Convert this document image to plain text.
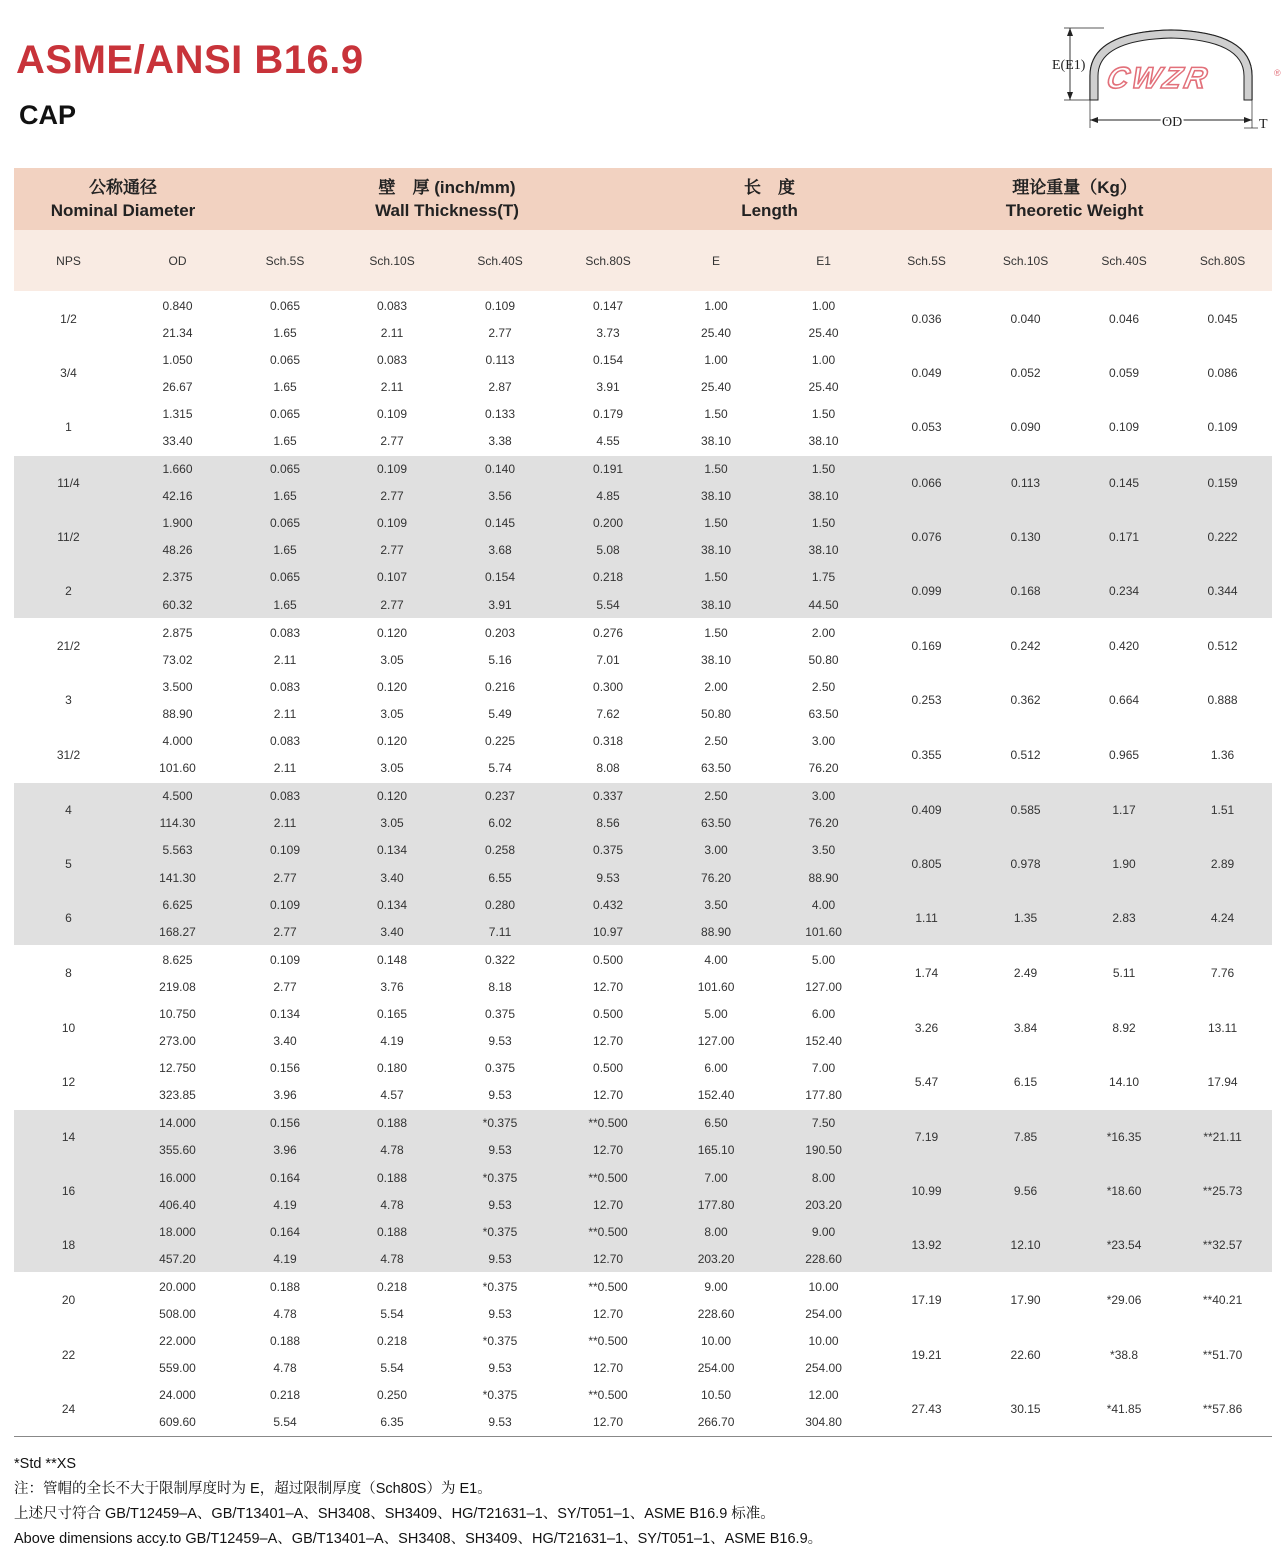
ASME/ANSI B16.9
CAP
E(E1)
OD	T
CWZR	®
公称通径
Nominal Diameter		壁　厚 (inch/mm)
Wall Thickness(T)				长　度
Length		理论重量（Kg）
Theoretic Weight			

NPS	OD	Sch.5S	Sch.10S	Sch.40S	Sch.80S	E	E1	Sch.5S	Sch.10S	Sch.40S	Sch.80S
1/2	0.840	0.065	0.083	0.109	0.147	1.00	1.00	0.036	0.040	0.046	0.045
	21.34	1.65	2.11	2.77	3.73	25.40	25.40				
3/4	1.050	0.065	0.083	0.113	0.154	1.00	1.00	0.049	0.052	0.059	0.086
	26.67	1.65	2.11	2.87	3.91	25.40	25.40				
1	1.315	0.065	0.109	0.133	0.179	1.50	1.50	0.053	0.090	0.109	0.109
	33.40	1.65	2.77	3.38	4.55	38.10	38.10				
11/4	1.660	0.065	0.109	0.140	0.191	1.50	1.50	0.066	0.113	0.145	0.159
	42.16	1.65	2.77	3.56	4.85	38.10	38.10				
11/2	1.900	0.065	0.109	0.145	0.200	1.50	1.50	0.076	0.130	0.171	0.222
	48.26	1.65	2.77	3.68	5.08	38.10	38.10				
2	2.375	0.065	0.107	0.154	0.218	1.50	1.75	0.099	0.168	0.234	0.344
	60.32	1.65	2.77	3.91	5.54	38.10	44.50				
21/2	2.875	0.083	0.120	0.203	0.276	1.50	2.00	0.169	0.242	0.420	0.512
	73.02	2.11	3.05	5.16	7.01	38.10	50.80				
3	3.500	0.083	0.120	0.216	0.300	2.00	2.50	0.253	0.362	0.664	0.888
	88.90	2.11	3.05	5.49	7.62	50.80	63.50				
31/2	4.000	0.083	0.120	0.225	0.318	2.50	3.00	0.355	0.512	0.965	1.36
	101.60	2.11	3.05	5.74	8.08	63.50	76.20				
4	4.500	0.083	0.120	0.237	0.337	2.50	3.00	0.409	0.585	1.17	1.51
	114.30	2.11	3.05	6.02	8.56	63.50	76.20				
5	5.563	0.109	0.134	0.258	0.375	3.00	3.50	0.805	0.978	1.90	2.89
	141.30	2.77	3.40	6.55	9.53	76.20	88.90				
6	6.625	0.109	0.134	0.280	0.432	3.50	4.00	1.11	1.35	2.83	4.24
	168.27	2.77	3.40	7.11	10.97	88.90	101.60				
8	8.625	0.109	0.148	0.322	0.500	4.00	5.00	1.74	2.49	5.11	7.76
	219.08	2.77	3.76	8.18	12.70	101.60	127.00				
10	10.750	0.134	0.165	0.375	0.500	5.00	6.00	3.26	3.84	8.92	13.11
	273.00	3.40	4.19	9.53	12.70	127.00	152.40				
12	12.750	0.156	0.180	0.375	0.500	6.00	7.00	5.47	6.15	14.10	17.94
	323.85	3.96	4.57	9.53	12.70	152.40	177.80				
14	14.000	0.156	0.188	*0.375	**0.500	6.50	7.50	7.19	7.85	*16.35	**21.11
	355.60	3.96	4.78	9.53	12.70	165.10	190.50				
16	16.000	0.164	0.188	*0.375	**0.500	7.00	8.00	10.99	9.56	*18.60	**25.73
	406.40	4.19	4.78	9.53	12.70	177.80	203.20				
18	18.000	0.164	0.188	*0.375	**0.500	8.00	9.00	13.92	12.10	*23.54	**32.57
	457.20	4.19	4.78	9.53	12.70	203.20	228.60				
20	20.000	0.188	0.218	*0.375	**0.500	9.00	10.00	17.19	17.90	*29.06	**40.21
	508.00	4.78	5.54	9.53	12.70	228.60	254.00				
22	22.000	0.188	0.218	*0.375	**0.500	10.00	10.00	19.21	22.60	*38.8	**51.70
	559.00	4.78	5.54	9.53	12.70	254.00	254.00				
24	24.000	0.218	0.250	*0.375	**0.500	10.50	12.00	27.43	30.15	*41.85	**57.86
	609.60	5.54	6.35	9.53	12.70	266.70	304.80				
*Std **XS
注：管帽的全长不大于限制厚度时为 E，超过限制厚度（Sch80S）为 E1。
上述尺寸符合 GB/T12459–A、GB/T13401–A、SH3408、SH3409、HG/T21631–1、SY/T051–1、ASME B16.9 标准。
Above dimensions accy.to GB/T12459–A、GB/T13401–A、SH3408、SH3409、HG/T21631–1、SY/T051–1、ASME B16.9。
